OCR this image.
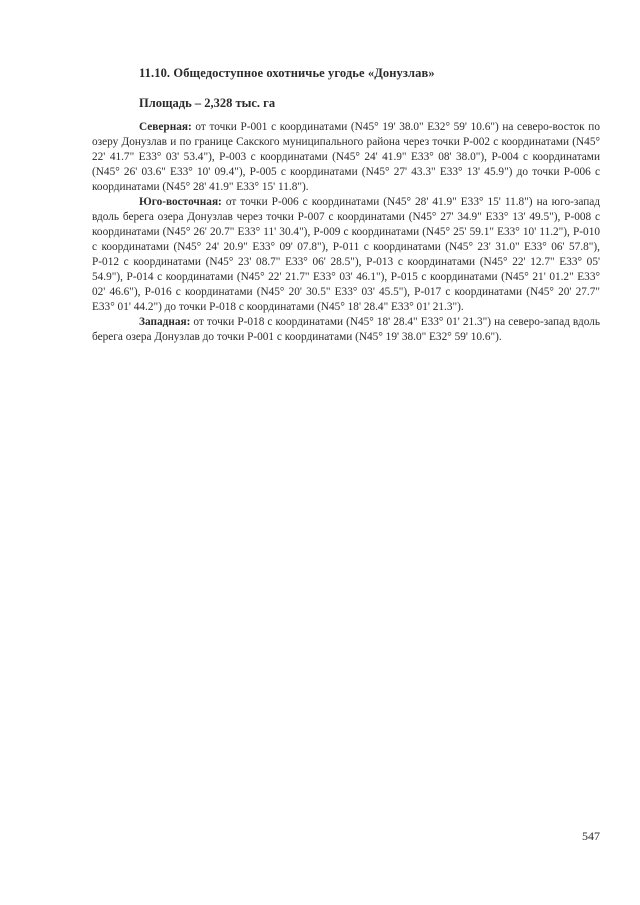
11.10. Общедоступное охотничье угодье «Донузлав»
Площадь – 2,328 тыс. га

Северная: от точки Р-001 с координатами (N45° 19' 38.0" E32° 59' 10.6") на северо-восток по озеру Донузлав и по границе Сакского муниципального района через точки Р-002 с координатами (N45° 22' 41.7" E33° 03' 53.4"), Р-003 с координатами (N45° 24' 41.9" E33° 08' 38.0"), Р-004 с координатами (N45° 26' 03.6" E33° 10' 09.4"), Р-005 с координатами (N45° 27' 43.3" E33° 13' 45.9") до точки Р-006 с координатами (N45° 28' 41.9" E33° 15' 11.8").

Юго-восточная: от точки Р-006 с координатами (N45° 28' 41.9" E33° 15' 11.8") на юго-запад вдоль берега озера Донузлав через точки Р-007 с координатами (N45° 27' 34.9" E33° 13' 49.5"), Р-008 с координатами (N45° 26' 20.7" E33° 11' 30.4"), Р-009 с координатами (N45° 25' 59.1" E33° 10' 11.2"), Р-010 с координатами (N45° 24' 20.9" E33° 09' 07.8"), Р-011 с координатами (N45° 23' 31.0" E33° 06' 57.8"), Р-012 с координатами (N45° 23' 08.7" E33° 06' 28.5"), Р-013 с координатами (N45° 22' 12.7" E33° 05' 54.9"), Р-014 с координатами (N45° 22' 21.7" E33° 03' 46.1"), Р-015 с координатами (N45° 21' 01.2" E33° 02' 46.6"), Р-016 с координатами (N45° 20' 30.5" E33° 03' 45.5"), Р-017 с координатами (N45° 20' 27.7" E33° 01' 44.2") до точки Р-018 с координатами (N45° 18' 28.4" E33° 01' 21.3").

Западная: от точки Р-018 с координатами (N45° 18' 28.4" E33° 01' 21.3") на северо-запад вдоль берега озера Донузлав до точки Р-001 с координатами (N45° 19' 38.0" E32° 59' 10.6").

547
